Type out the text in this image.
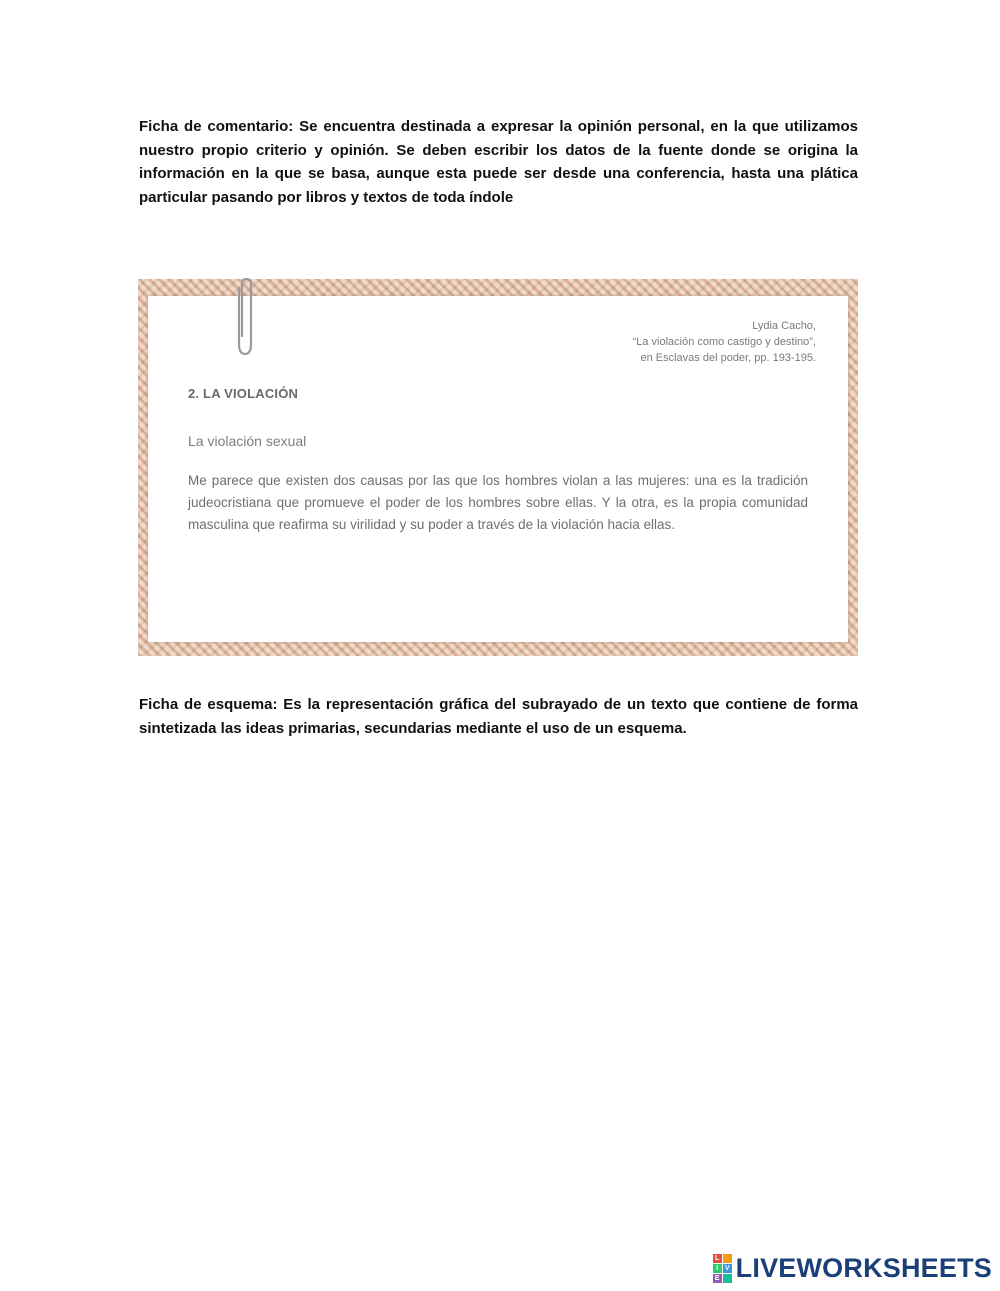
Ficha de comentario: Se encuentra destinada a expresar la opinión personal, en la que utilizamos nuestro propio criterio y opinión. Se deben escribir los datos de la fuente donde se origina la información en la que se basa, aunque esta puede ser desde una conferencia, hasta una plática particular pasando por libros y textos de toda índole

Lydia Cacho,
“La violación como castigo y destino”,
en Esclavas del poder, pp. 193-195.
2. LA VIOLACIÓN
La violación sexual
Me parece que existen dos causas por las que los hombres violan a las mujeres: una es la tradición judeocristiana que promueve el poder de los hombres sobre ellas. Y la otra, es la propia comunidad masculina que reafirma su virilidad y su poder a través de la violación hacia ellas.

Ficha de esquema: Es la representación gráfica del subrayado de un texto que contiene de forma sintetizada las ideas primarias, secundarias mediante el uso de un esquema.

L
I V
E LIVEWORKSHEETS
